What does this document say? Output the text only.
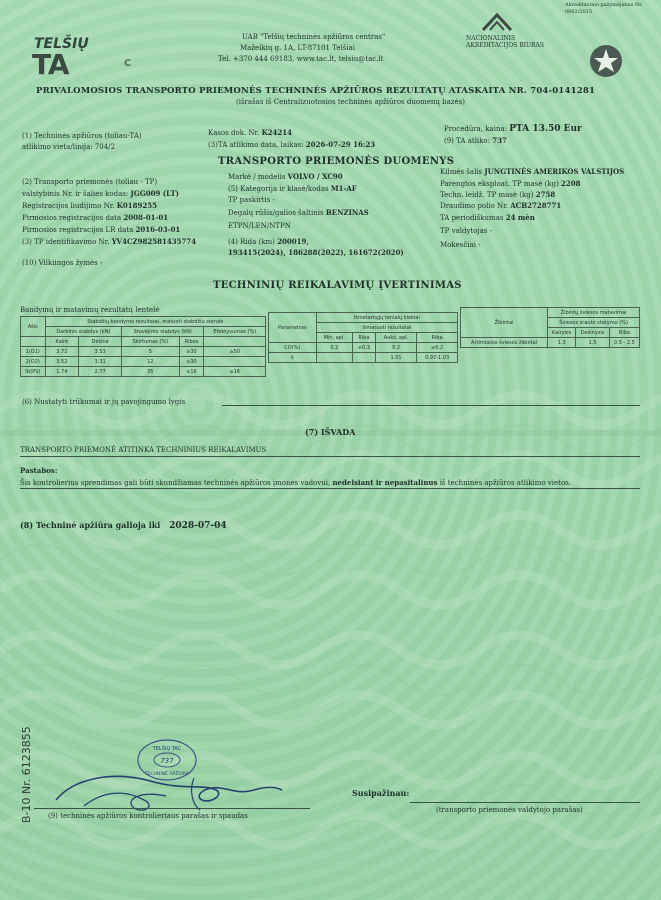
TELŠIŲ
TA	C
UAB "Telšių techninės apžiūros centras"
Mažeikių g. 1A, LT-87101 Telšiai
Tel. +370 444 69183, www.tac.lt, telsiu@tac.lt
NACIONALINIS AKREDITACIJOS BIURAS
Akreditavimo pažymėjimas Nr. 0062/2015
PRIVALOMOSIOS TRANSPORTO PRIEMONĖS TECHNINĖS APŽIŪROS REZULTATŲ ATASKAITA NR. 704-0141281
(išrašas iš Centralizuotosios techninės apžiūros duomenų bazės)
(1) Techninės apžiūros (toliau-TA)
atlikimo vieta/linija: 704/2
Kasos dok. Nr. K24214
(3)TA atlikimo data, laikas: 2026-07-29 16:23
Procedūra, kaina: PTA 13.50 Eur
(9) TA atliko: 737
TRANSPORTO PRIEMONĖS DUOMENYS
(2) Transporto priemonės (toliau - TP)
valstybinis Nr. ir šalies kodas: JGG009 (LT)
Registracijos liudijimo Nr. K0189255
Pirmosios registracijos data 2008-01-01
Pirmosios registracijos LR data 2016-03-01
(3) TP identifikavimo Nr. YV4CZ982581435774
(10) Vilkiingos žymės -
Markė / modelis VOLVO / XC90
(5) Kategorija ir klasė/kodas M1-AF
TP paskirtis -
Degalų rūšis/galios šaltinis BENZINAS
ETPN/LEN/NTPN
(4) Rida (km) 200019,
193415(2024), 186288(2022), 161672(2020)
Kilmės šalis JUNGTINĖS AMERIKOS VALSTIJOS
Parengtos eksploat. TP masė (kg) 2208
Techn. leidž. TP masė (kg) 2758
Draudimo polio Nr. ACB2728771
TA periodiškumas 24 mėn
TP valdytojas -
Mokesčiai -
TECHNINIŲ REIKALAVIMŲ ĮVERTINIMAS
Bandymų ir matavimų rezultatų lentelė
Ašis	Stabdžių bandymo rezultatai, matuoti stabdžiu stende				
	Darbinis stabdys (kN)		Stovėjimo stabdys (kN)		Efektyvumas (%)
	Kairė	Dešinė	Skirtumas (%)	Ribos	
1(O1)	3.72	3.53	5	≥30	≥50
2(O2)	3.52	3.31	12	≥30	
St(PS)	1.74	2.77	35	≥16	≥16
Parametras	Išmetamųjų teršalų kiekiai			
	Išmatuoti rezultatai			
	Min. apl.	Riba	Aukš. apl.	Riba
CO(%)	0.2	≤0.3	0.2	≤0.2
λ			1.01	0.97-1.03
Žibintai	Žibintų šviesos matavimai		
	Šviesos srauto statymo (%)		
	Kairysis	Dešinysis	Riba
Artimosios šviesos žibintai	1.3	1.5	0.5 - 2.5
(6) Nustatyti trūkumai ir jų pavojingumo lygis
(7) IŠVADA
TRANSPORTO PRIEMONĖ ATITINKA TECHNINIUS REIKALAVIMUS
Pastabos:
Šis kontrolierius sprendimas gali būti skundžiamas techninės apžiūros įmonės vadovui, nedelsiant ir nepasitalinus iš techninės apžiūros atlikimo vietos.
(8) Techninė apžiūra galioja iki 2028-07-04
B-10 Nr. 6123855	TELŠIŲ TAC
737
TECHNINĖ APŽIŪRA
(9) techninės apžiūros kontrolieriaus parašas ir spaudas
Susipažinau:
(transporto priemonės valdytojo parašas)
